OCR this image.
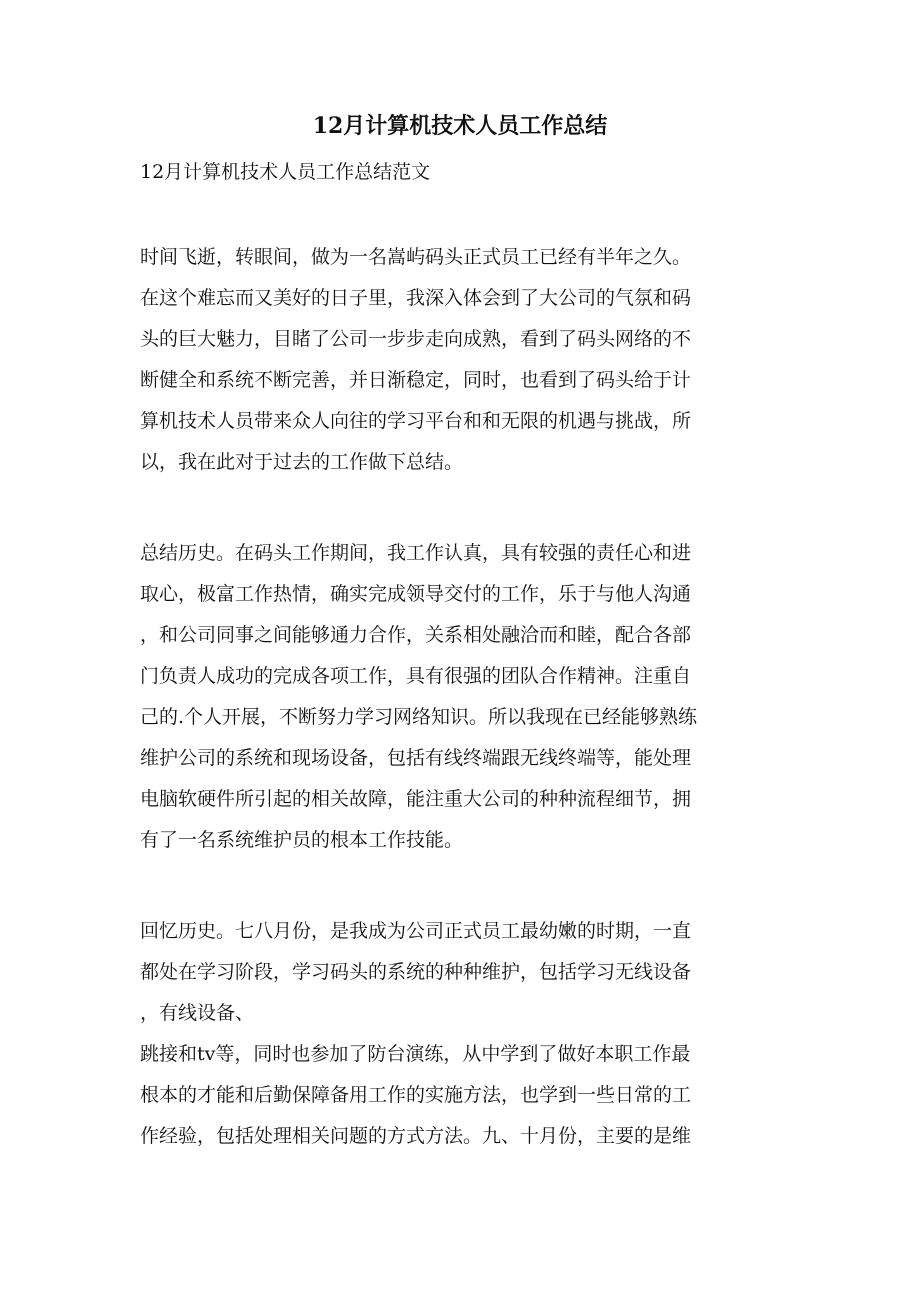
12月计算机技术人员工作总结

12月计算机技术人员工作总结范文

时间飞逝，转眼间，做为一名嵩屿码头正式员工已经有半年之久。
在这个难忘而又美好的日子里，我深入体会到了大公司的气氛和码
头的巨大魅力，目睹了公司一步步走向成熟，看到了码头网络的不
断健全和系统不断完善，并日渐稳定，同时，也看到了码头给于计
算机技术人员带来众人向往的学习平台和和无限的机遇与挑战，所
以，我在此对于过去的工作做下总结。
总结历史。在码头工作期间，我工作认真，具有较强的责任心和进
取心，极富工作热情，确实完成领导交付的工作，乐于与他人沟通
，和公司同事之间能够通力合作，关系相处融洽而和睦，配合各部
门负责人成功的完成各项工作，具有很强的团队合作精神。注重自
己的.个人开展，不断努力学习网络知识。所以我现在已经能够熟练
维护公司的系统和现场设备，包括有线终端跟无线终端等，能处理
电脑软硬件所引起的相关故障，能注重大公司的种种流程细节，拥
有了一名系统维护员的根本工作技能。
回忆历史。七八月份，是我成为公司正式员工最幼嫩的时期，一直
都处在学习阶段，学习码头的系统的种种维护，包括学习无线设备
，有线设备、
跳接和tv等，同时也参加了防台演练，从中学到了做好本职工作最
根本的才能和后勤保障备用工作的实施方法，也学到一些日常的工
作经验，包括处理相关问题的方式方法。九、十月份，主要的是维
